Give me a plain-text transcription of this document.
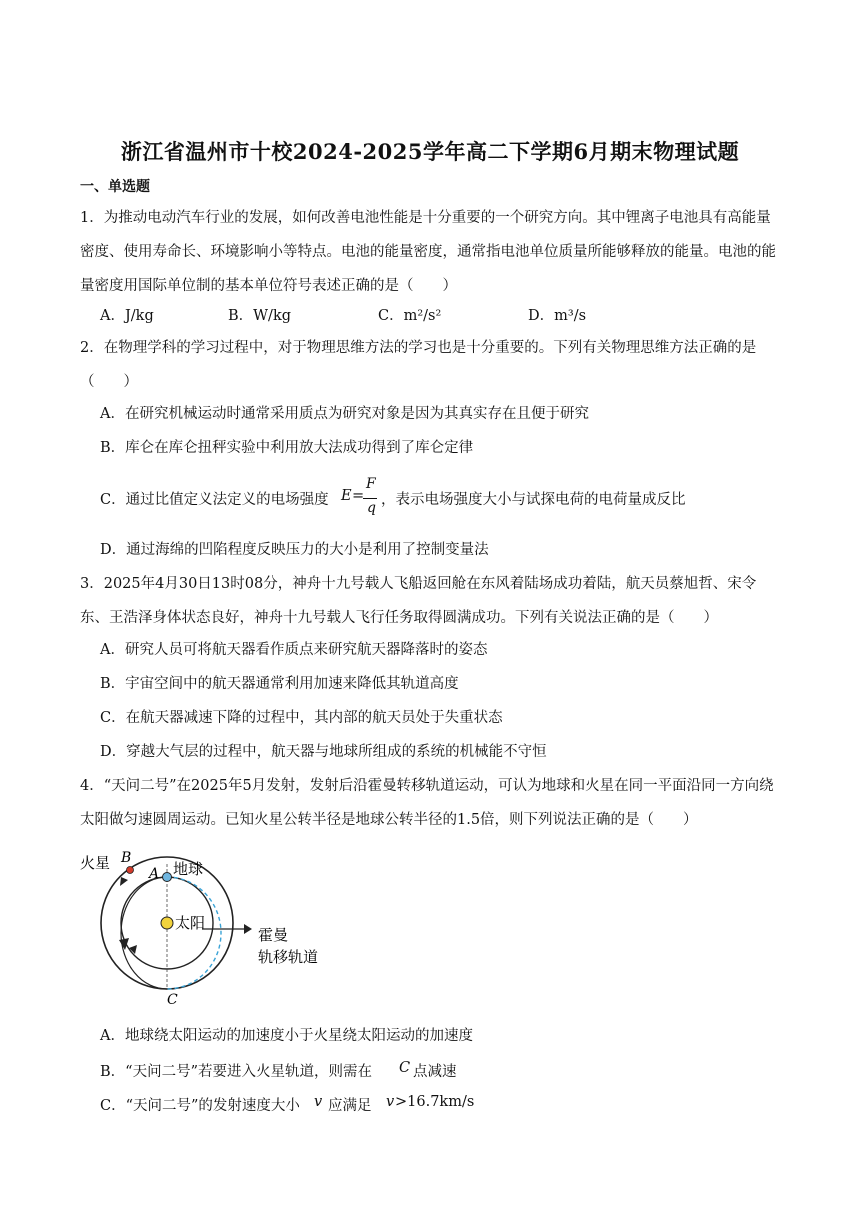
浙江省温州市十校2024-2025学年高二下学期6月期末物理试题
一、单选题
1．为推动电动汽车行业的发展，如何改善电池性能是十分重要的一个研究方向。其中锂离子电池具有高能量密度、使用寿命长、环境影响小等特点。电池的能量密度，通常指电池单位质量所能够释放的能量。电池的能量密度用国际单位制的基本单位符号表述正确的是（　　）
A．J/kg	B．W/kg	C．m²/s²	D．m³/s
2．在物理学科的学习过程中，对于物理思维方法的学习也是十分重要的。下列有关物理思维方法正确的是（　　）
A．在研究机械运动时通常采用质点为研究对象是因为其真实存在且便于研究
B．库仑在库仑扭秤实验中利用放大法成功得到了库仑定律
C．通过比值定义法定义的电场强度 E =
F
q ，表示电场强度大小与试探电荷的电荷量成反比
D．通过海绵的凹陷程度反映压力的大小是利用了控制变量法
3．2025年4月30日13时08分，神舟十九号载人飞船返回舱在东风着陆场成功着陆，航天员蔡旭哲、宋令东、王浩泽身体状态良好，神舟十九号载人飞行任务取得圆满成功。下列有关说法正确的是（　　）
A．研究人员可将航天器看作质点来研究航天器降落时的姿态
B．宇宙空间中的航天器通常利用加速来降低其轨道高度
C．在航天器减速下降的过程中，其内部的航天员处于失重状态
D．穿越大气层的过程中，航天器与地球所组成的系统的机械能不守恒
4．“天问二号”在2025年5月发射，发射后沿霍曼转移轨道运动，可认为地球和火星在同一平面沿同一方向绕太阳做匀速圆周运动。已知火星公转半径是地球公转半径的1.5倍，则下列说法正确的是（　　）
火星 B
A 地球
太阳
霍曼
轨移轨道
C
A．地球绕太阳运动的加速度小于火星绕太阳运动的加速度
B．“天问二号”若要进入火星轨道，则需在 C 点减速
C．“天问二号”的发射速度大小 v 应满足 v >16.7km/s
